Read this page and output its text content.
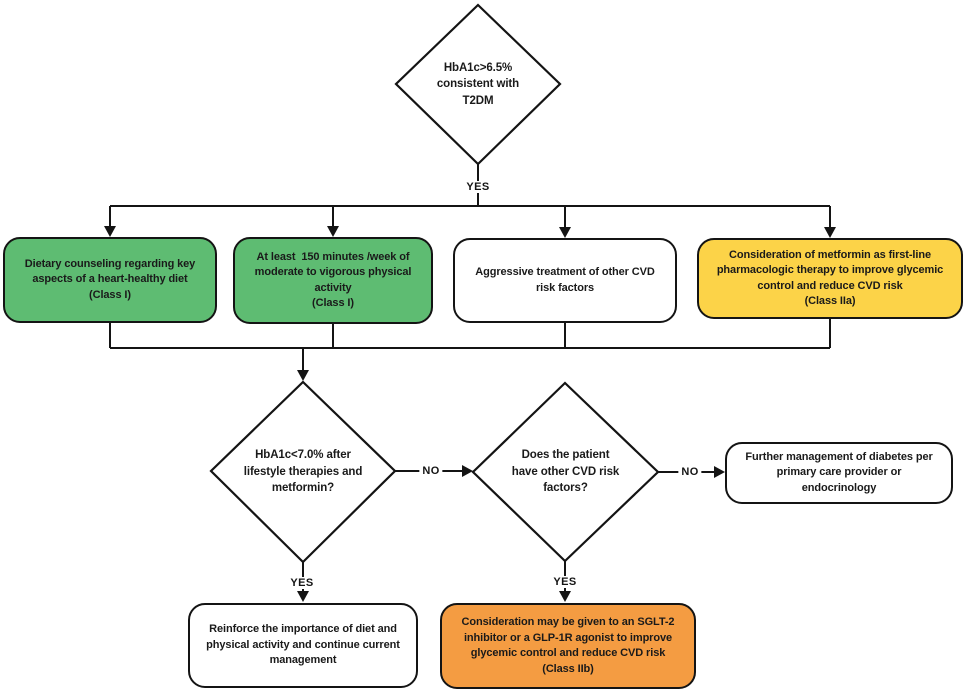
HbA1c>6.5%
consistent with
T2DM
HbA1c<7.0% after
lifestyle therapies and
metformin?
Does the patient
have other CVD risk
factors?
Dietary counseling regarding key
aspects of a heart-healthy diet
(Class I)
At least  150 minutes /week of
moderate to vigorous physical
activity
(Class I)
Aggressive treatment of other CVD
risk factors
Consideration of metformin as first-line
pharmacologic therapy to improve glycemic
control and reduce CVD risk
(Class IIa)
Further management of diabetes per
primary care provider or
endocrinology
Reinforce the importance of diet and
physical activity and continue current
management
Consideration may be given to an SGLT-2
inhibitor or a GLP-1R agonist to improve
glycemic control and reduce CVD risk
(Class IIb)
YES
NO	NO
YES	YES
